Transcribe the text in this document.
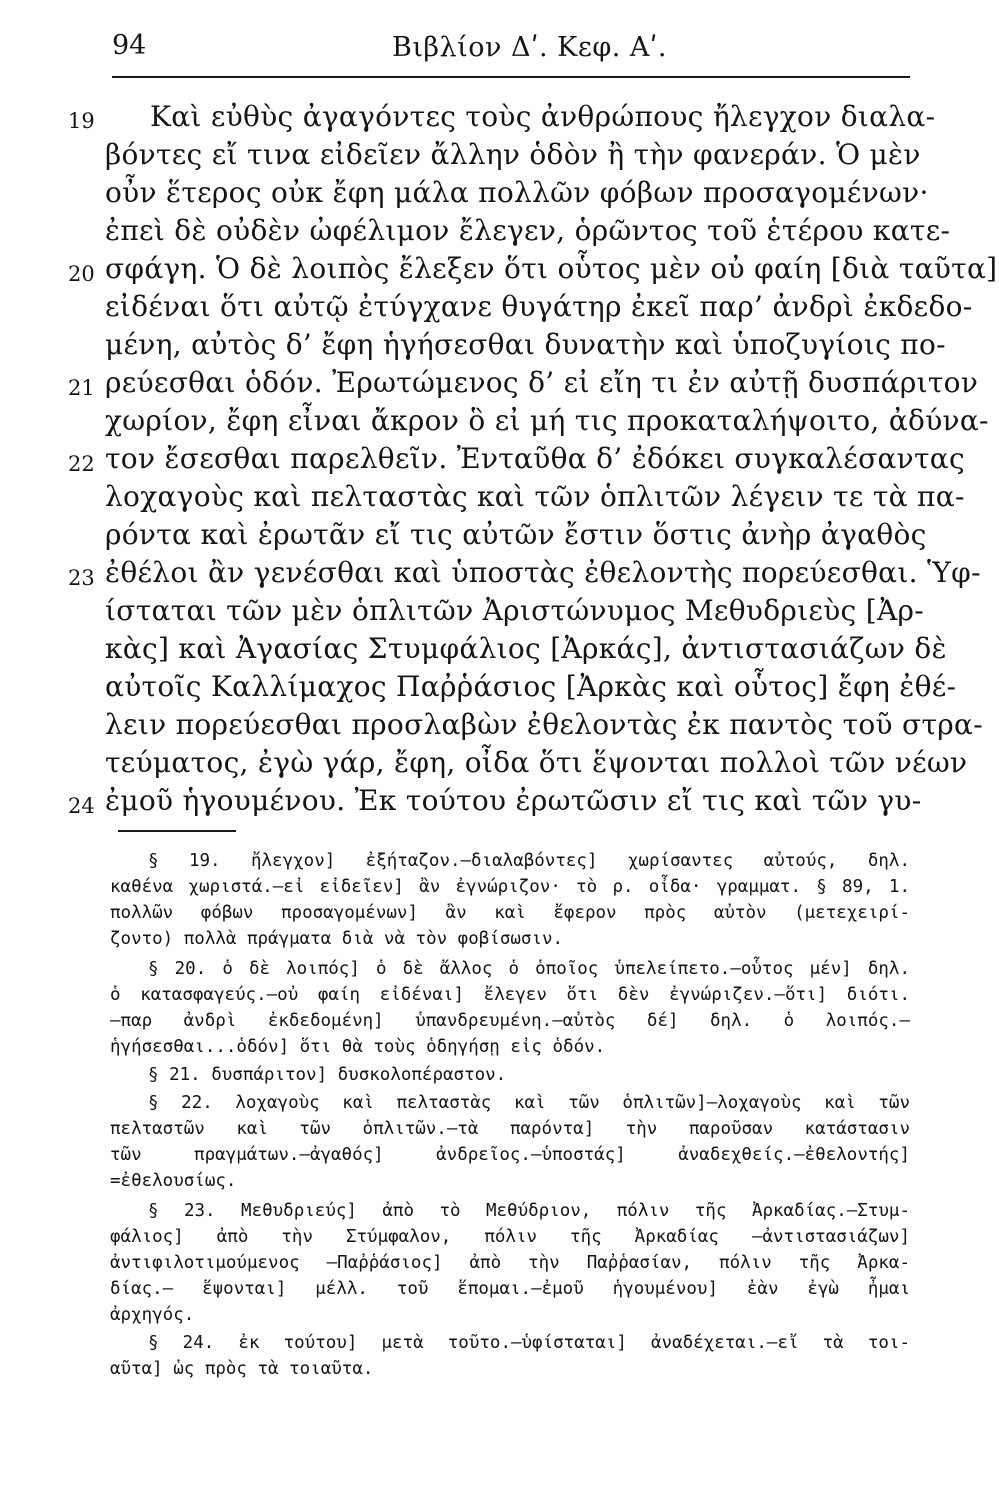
94	Βιβλίον Δʹ. Κεφ. Αʹ.
19
20
21
22
23
24
Καὶ εὐθὺς ἀγαγόντες τοὺς ἀνθρώπους ἤλεγχον διαλα-
βόντες εἴ τινα εἰδεῖεν ἄλλην ὁδὸν ἢ τὴν φανεράν. Ὁ μὲν
οὖν ἕτερος οὐκ ἔφη μάλα πολλῶν φόβων προσαγομένων·
ἐπεὶ δὲ οὐδὲν ὠφέλιμον ἔλεγεν, ὁρῶντος τοῦ ἑτέρου κατε-
σφάγη. Ὁ δὲ λοιπὸς ἔλεξεν ὅτι οὗτος μὲν οὐ φαίη [διὰ ταῦτα]
εἰδέναι ὅτι αὐτῷ ἐτύγχανε θυγάτηρ ἐκεῖ παρ’ ἀνδρὶ ἐκδεδο-
μένη, αὐτὸς δ’ ἔφη ἡγήσεσθαι δυνατὴν καὶ ὑποζυγίοις πο-
ρεύεσθαι ὁδόν. Ἐρωτώμενος δ’ εἰ εἴη τι ἐν αὐτῇ δυσπάριτον
χωρίον, ἔφη εἶναι ἄκρον ὃ εἰ μή τις προκαταλήψοιτο, ἀδύνα-
τον ἔσεσθαι παρελθεῖν. Ἐνταῦθα δ’ ἐδόκει συγκαλέσαντας
λοχαγοὺς καὶ πελταστὰς καὶ τῶν ὁπλιτῶν λέγειν τε τὰ πα-
ρόντα καὶ ἐρωτᾶν εἴ τις αὐτῶν ἔστιν ὅστις ἀνὴρ ἀγαθὸς
ἐθέλοι ἂν γενέσθαι καὶ ὑποστὰς ἐθελοντὴς πορεύεσθαι. Ὑφ-
ίσταται τῶν μὲν ὁπλιτῶν Ἀριστώνυμος Μεθυδριεὺς [Ἀρ-
κὰς] καὶ Ἀγασίας Στυμφάλιος [Ἀρκάς], ἀντιστασιάζων δὲ
αὐτοῖς Καλλίμαχος Παῤῥάσιος [Ἀρκὰς καὶ οὗτος] ἔφη ἐθέ-
λειν πορεύεσθαι προσλαβὼν ἐθελοντὰς ἐκ παντὸς τοῦ στρα-
τεύματος, ἐγὼ γάρ, ἔφη, οἶδα ὅτι ἕψονται πολλοὶ τῶν νέων
ἐμοῦ ἡγουμένου. Ἐκ τούτου ἐρωτῶσιν εἴ τις καὶ τῶν γυ-
§ 19. ἤλεγχον] ἐξήταζον.—διαλαβόντες] χωρίσαντες αὐτούς, δηλ.
καθένα χωριστά.—εἰ εἰδεῖεν] ἂν ἐγνώριζον· τὸ ρ. οἶδα· γραμματ. § 89, 1.
πολλῶν φόβων προσαγομένων] ἂν καὶ ἔφερον πρὸς αὐτὸν (μετεχειρί-
ζοντο) πολλὰ πράγματα διὰ νὰ τὸν φοβίσωσιν.
§ 20. ὁ δὲ λοιπός] ὁ δὲ ἄλλος ὁ ὁποῖος ὑπελείπετο.—οὗτος μέν] δηλ.
ὁ κατασφαγεύς.—οὐ φαίη εἰδέναι] ἔλεγεν ὅτι δὲν ἐγνώριζεν.—ὅτι] διότι.
—παρ ἀνδρὶ ἐκδεδομένη] ὑπανδρευμένη.—αὐτὸς δέ] δηλ. ὁ λοιπός.—
ἡγήσεσθαι...ὁδόν] ὅτι θὰ τοὺς ὁδηγήσῃ εἰς ὁδόν.
§ 21. δυσπάριτον] δυσκολοπέραστον.
§ 22. λοχαγοὺς καὶ πελταστὰς καὶ τῶν ὁπλιτῶν]—λοχαγοὺς καὶ τῶν
πελταστῶν καὶ τῶν ὁπλιτῶν.—τὰ παρόντα] τὴν παροῦσαν κατάστασιν
τῶν πραγμάτων.—ἀγαθός] ἀνδρεῖος.—ὑποστάς] ἀναδεχθείς.—ἐθελοντής]
=ἐθελουσίως.
§ 23. Μεθυδριεύς] ἀπὸ τὸ Μεθύδριον, πόλιν τῆς Ἀρκαδίας.—Στυμ-
φάλιος] ἀπὸ τὴν Στύμφαλον, πόλιν τῆς Ἀρκαδίας —ἀντιστασιάζων]
ἀντιφιλοτιμούμενος —Παῤῥάσιος] ἀπὸ τὴν Παῤῥασίαν, πόλιν τῆς Ἀρκα-
δίας.— ἕψονται] μέλλ. τοῦ ἕπομαι.—ἐμοῦ ἡγουμένου] ἐὰν ἐγὼ ἦμαι
ἀρχηγός.
§ 24. ἐκ τούτου] μετὰ τοῦτο.—ὑφίσταται] ἀναδέχεται.—εἴ τὰ τοι-
αῦτα] ὡς πρὸς τὰ τοιαῦτα.
